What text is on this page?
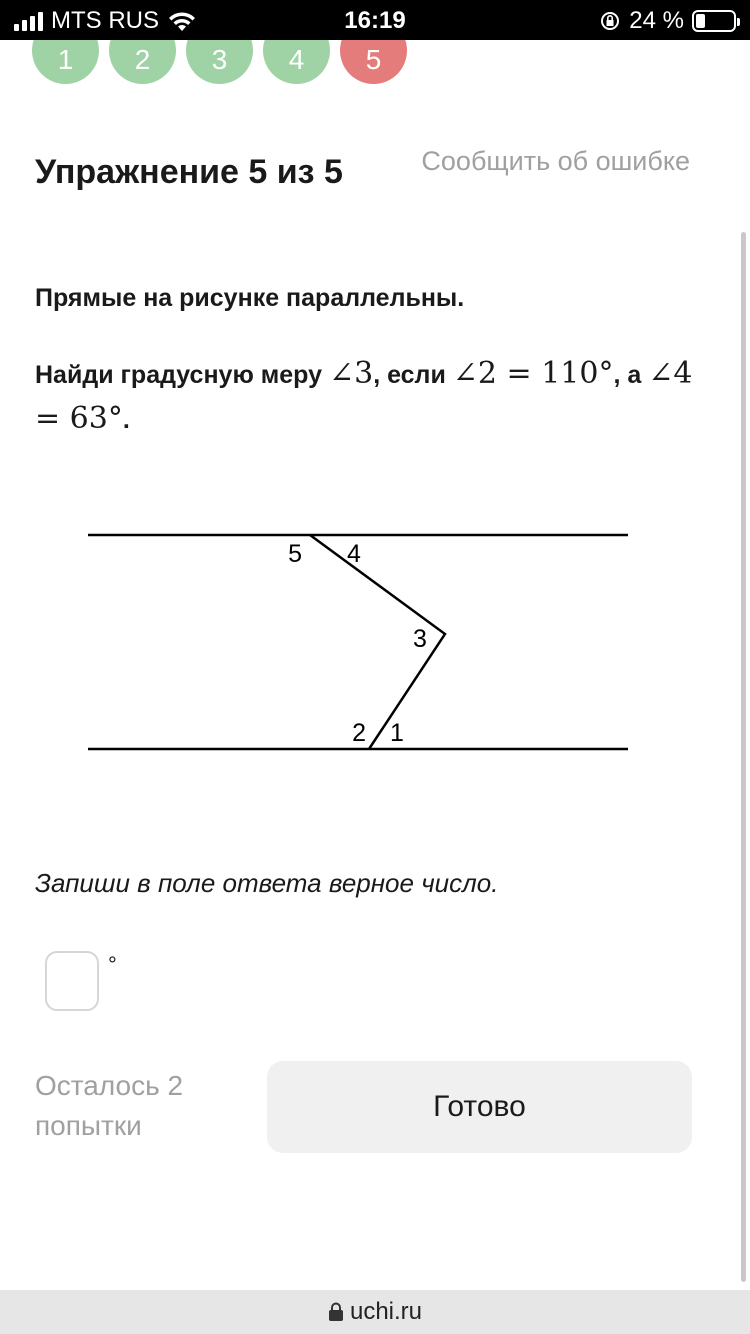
MTS RUS	16:19	24 %
1 2 3 4 5
Упражнение 5 из 5	Сообщить об ошибке

Прямые на рисунке параллельны.

Найди градусную меру ∠3, если ∠2 = 110°, а ∠4 = 63°.

5 4
3
2 1

Запиши в поле ответа верное число.

°

Осталось 2 попытки

Готово
uchi.ru
